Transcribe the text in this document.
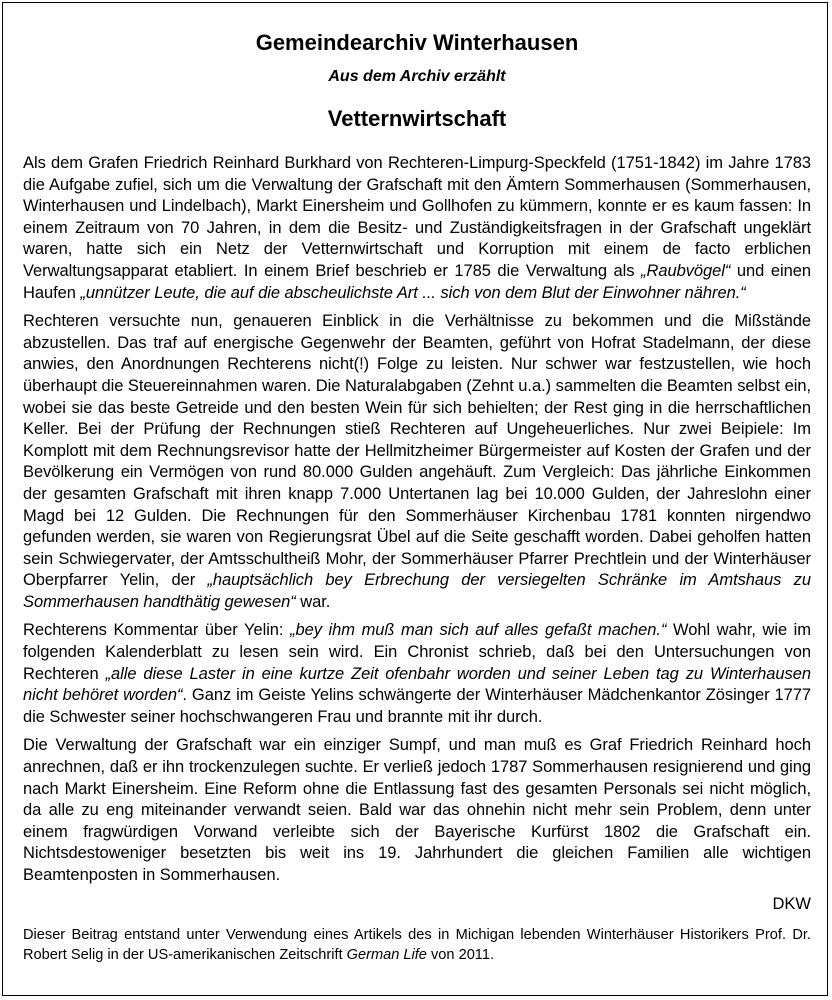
Gemeindearchiv Winterhausen
Aus dem Archiv erzählt
Vetternwirtschaft

Als dem Grafen Friedrich Reinhard Burkhard von Rechteren-Limpurg-Speckfeld (1751-1842) im Jahre 1783 die Aufgabe zufiel, sich um die Verwaltung der Grafschaft mit den Ämtern Sommerhausen (Sommerhausen, Winterhausen und Lindelbach), Markt Einersheim und Gollhofen zu kümmern, konnte er es kaum fassen: In einem Zeitraum von 70 Jahren, in dem die Besitz- und Zuständigkeitsfragen in der Grafschaft ungeklärt waren, hatte sich ein Netz der Vetternwirtschaft und Korruption mit einem de facto erblichen Verwaltungsapparat etabliert. In einem Brief beschrieb er 1785 die Verwaltung als „Raubvögel“ und einen Haufen „unnützer Leute, die auf die abscheulichste Art ... sich von dem Blut der Einwohner nähren.“

Rechteren versuchte nun, genaueren Einblick in die Verhältnisse zu bekommen und die Mißstände abzustellen. Das traf auf energische Gegenwehr der Beamten, geführt von Hofrat Stadelmann, der diese anwies, den Anordnungen Rechterens nicht(!) Folge zu leisten. Nur schwer war festzustellen, wie hoch überhaupt die Steuereinnahmen waren. Die Naturalabgaben (Zehnt u.a.) sammelten die Beamten selbst ein, wobei sie das beste Getreide und den besten Wein für sich behielten; der Rest ging in die herrschaftlichen Keller. Bei der Prüfung der Rechnungen stieß Rechteren auf Ungeheuerliches. Nur zwei Beipiele: Im Komplott mit dem Rechnungsrevisor hatte der Hellmitzheimer Bürgermeister auf Kosten der Grafen und der Bevölkerung ein Vermögen von rund 80.000 Gulden angehäuft. Zum Vergleich: Das jährliche Einkommen der gesamten Grafschaft mit ihren knapp 7.000 Untertanen lag bei 10.000 Gulden, der Jahreslohn einer Magd bei 12 Gulden. Die Rechnungen für den Sommerhäuser Kirchenbau 1781 konnten nirgendwo gefunden werden, sie waren von Regierungsrat Übel auf die Seite geschafft worden. Dabei geholfen hatten sein Schwiegervater, der Amtsschultheiß Mohr, der Sommerhäuser Pfarrer Prechtlein und der Winterhäuser Oberpfarrer Yelin, der „hauptsächlich bey Erbrechung der versiegelten Schränke im Amtshaus zu Sommerhausen handthätig gewesen“ war.

Rechterens Kommentar über Yelin: „bey ihm muß man sich auf alles gefaßt machen.“ Wohl wahr, wie im folgenden Kalenderblatt zu lesen sein wird. Ein Chronist schrieb, daß bei den Untersuchungen von Rechteren „alle diese Laster in eine kurtze Zeit ofenbahr worden und seiner Leben tag zu Winterhausen nicht behöret worden“. Ganz im Geiste Yelins schwängerte der Winterhäuser Mädchenkantor Zösinger 1777 die Schwester seiner hochschwangeren Frau und brannte mit ihr durch.

Die Verwaltung der Grafschaft war ein einziger Sumpf, und man muß es Graf Friedrich Reinhard hoch anrechnen, daß er ihn trockenzulegen suchte. Er verließ jedoch 1787 Sommerhausen resignierend und ging nach Markt Einersheim. Eine Reform ohne die Entlassung fast des gesamten Personals sei nicht möglich, da alle zu eng miteinander verwandt seien. Bald war das ohnehin nicht mehr sein Problem, denn unter einem fragwürdigen Vorwand verleibte sich der Bayerische Kurfürst 1802 die Grafschaft ein. Nichtsdestoweniger besetzten bis weit ins 19. Jahrhundert die gleichen Familien alle wichtigen Beamtenposten in Sommerhausen.

DKW
Dieser Beitrag entstand unter Verwendung eines Artikels des in Michigan lebenden Winterhäuser Historikers Prof. Dr. Robert Selig in der US-amerikanischen Zeitschrift German Life von 2011.
